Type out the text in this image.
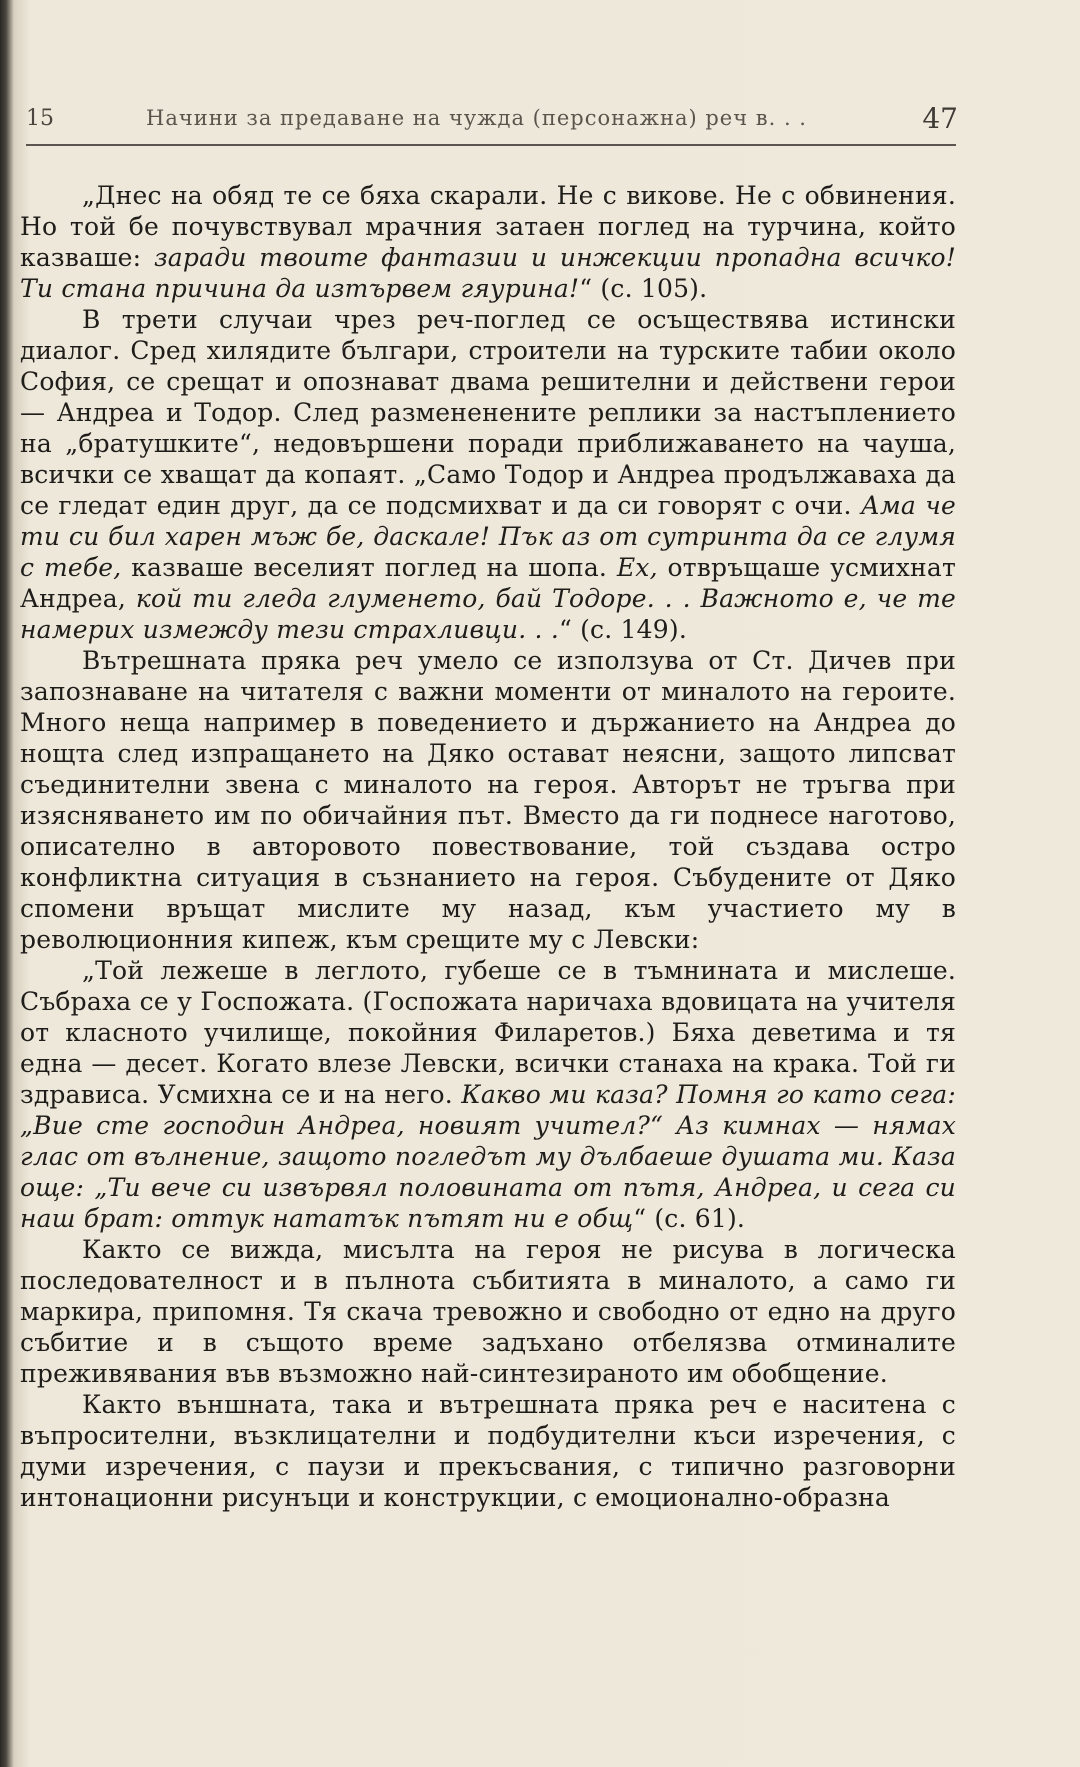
15	Начини за предаване на чужда (персонажна) реч в. . .	47

„Днес на обяд те се бяха скарали. Не с викове. Не с обвинения. Но той бе почувствувал мрачния затаен поглед на турчина, който казваше: заради твоите фантазии и инжекции пропадна всичко! Ти стана причина да изтървем гяурина!“ (с. 105).

В трети случаи чрез реч-поглед се осъществява истински диалог. Сред хилядите българи, строители на турските табии около София, се срещат и опознават двама решителни и действени герои — Андреа и Тодор. След размененените реплики за настъплението на „братушките“, недовършени поради приближаването на чауша, всички се хващат да копаят. „Само Тодор и Андреа продължаваха да се гледат един друг, да се подсмихват и да си говорят с очи. Ама че ти си бил харен мъж бе, даскале! Пък аз от сутринта да се глумя с тебе, казваше веселият поглед на шопа. Ех, отвръщаше усмихнат Андреа, кой ти гледа глуменето, бай Тодоре. . . Важното е, че те намерих измежду тези страхливци. . .“ (с. 149).

Вътрешната пряка реч умело се използува от Ст. Дичев при запознаване на читателя с важни моменти от миналото на героите. Много неща например в поведението и държанието на Андреа до нощта след изпращането на Дяко остават неясни, защото липсват съединителни звена с миналото на героя. Авторът не тръгва при изясняването им по обичайния път. Вместо да ги поднесе наготово, описателно в авторовото повествование, той създава остро конфликтна ситуация в съзнанието на героя. Събудените от Дяко спомени връщат мислите му назад, към участието му в революционния кипеж, към срещите му с Левски:

„Той лежеше в леглото, губеше се в тъмнината и мислеше. Събраха се у Госпожата. (Госпожата наричаха вдовицата на учителя от класното училище, покойния Филаретов.) Бяха деветима и тя една — десет. Когато влезе Левски, всички станаха на крака. Той ги здрависа. Усмихна се и на него. Какво ми каза? Помня го като сега: „Вие сте господин Андреа, новият учител?“ Аз кимнах — нямах глас от вълнение, защото погледът му дълбаеше душата ми. Каза още: „Ти вече си извървял половината от пътя, Андреа, и сега си наш брат: оттук нататък пътят ни е общ“ (с. 61).

Както се вижда, мисълта на героя не рисува в логическа последователност и в пълнота събитията в миналото, а само ги маркира, припомня. Тя скача тревожно и свободно от едно на друго събитие и в същото време задъхано отбелязва отминалите преживявания във възможно най-синтезираното им обобщение.

Както външната, така и вътрешната пряка реч е наситена с въпросителни, възклицателни и подбудителни къси изречения, с думи изречения, с паузи и прекъсвания, с типично разговорни интонационни рисунъци и конструкции, с емоционално-образна
